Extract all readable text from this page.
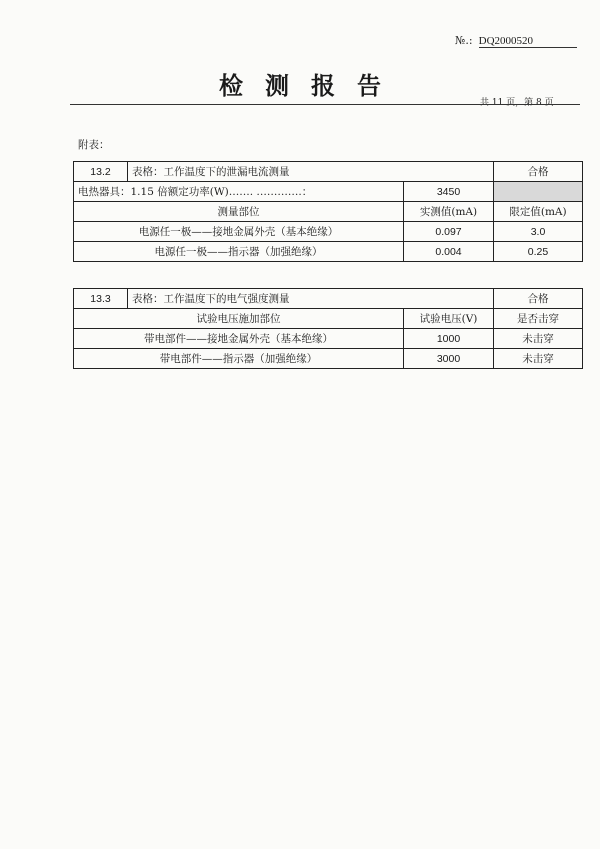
№.: DQ2000520
检测报告
共 11 页，第 8 页
附表：
13.2	表格：工作温度下的泄漏电流测量		合格
电热器具：1.15 倍额定功率(W)……. ………….：		3450	
测量部位		实测值(mA)	限定值(mA)
电源任一极——接地金属外壳（基本绝缘）		0.097	3.0
电源任一极——指示器（加强绝缘）		0.004	0.25
13.3	表格：工作温度下的电气强度测量		合格
试验电压施加部位		试验电压(V)	是否击穿
带电部件——接地金属外壳（基本绝缘）		1000	未击穿
带电部件——指示器（加强绝缘）		3000	未击穿
